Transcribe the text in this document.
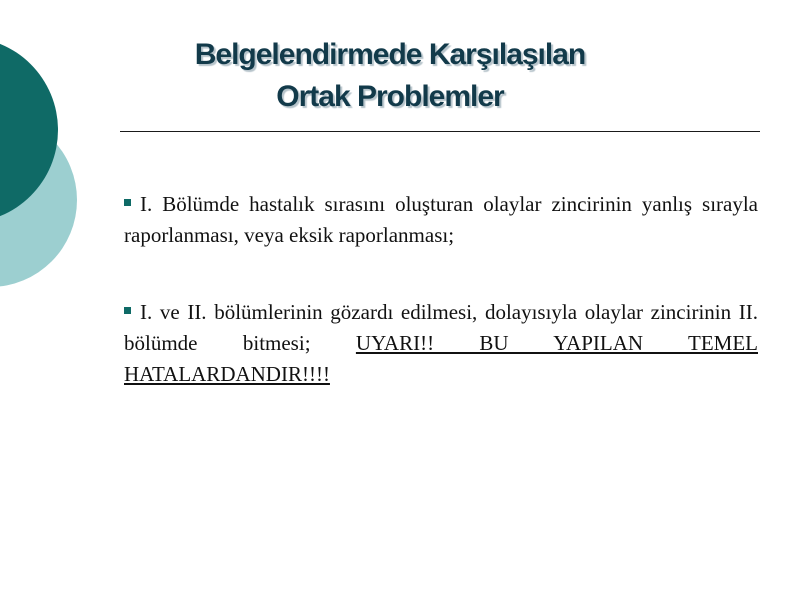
Belgelendirmede Karşılaşılan
Ortak Problemler

I. Bölümde hastalık sırasını oluşturan olaylar zincirinin yanlış sırayla raporlanması, veya eksik raporlanması;

I. ve II. bölümlerinin gözardı edilmesi, dolayısıyla olaylar zincirinin II. bölümde bitmesi; UYARI!! BU YAPILAN TEMEL HATALARDANDIR!!!!
